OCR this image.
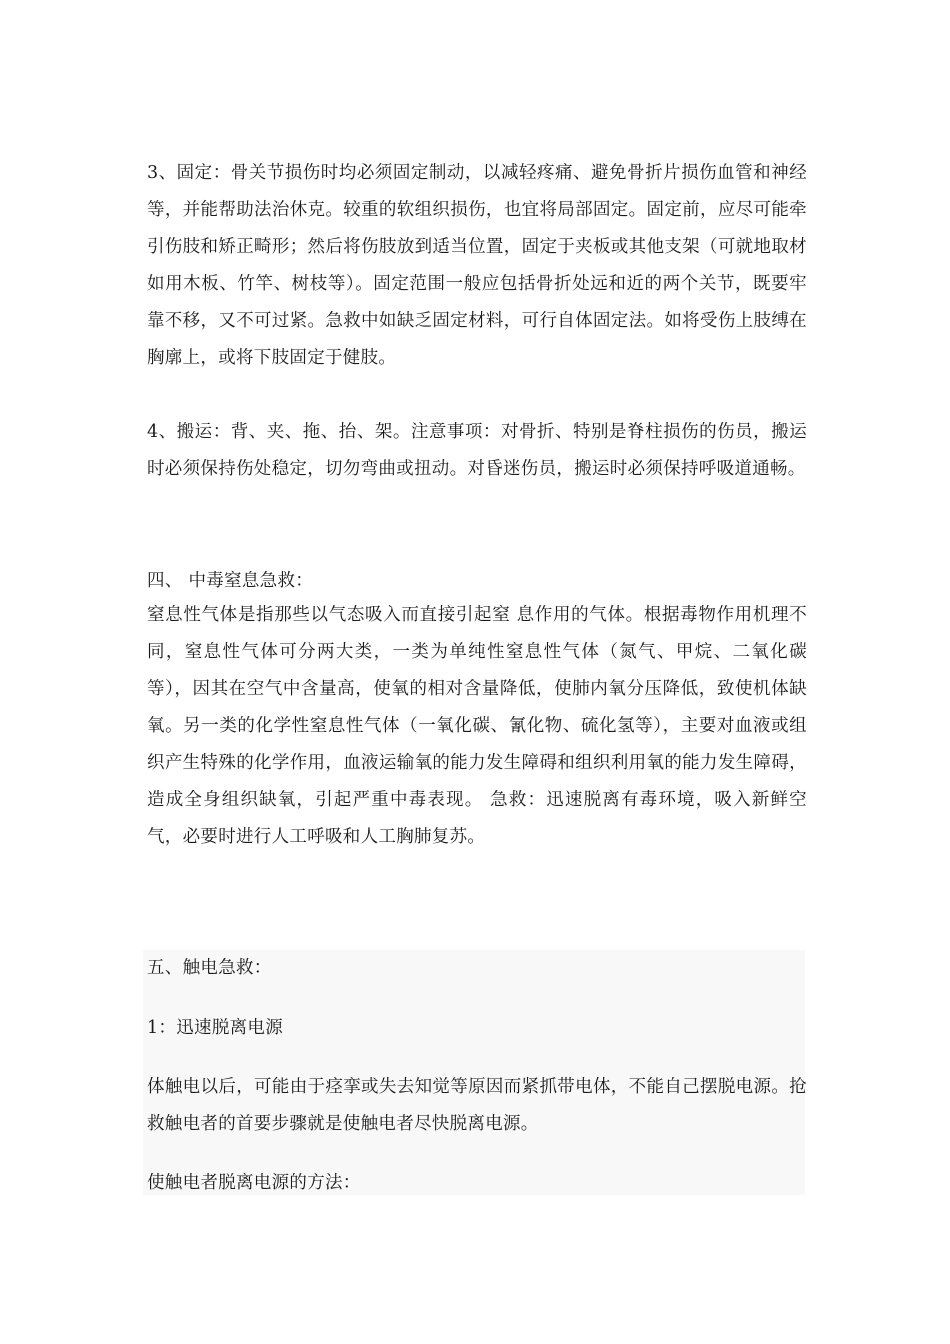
3、固定：骨关节损伤时均必须固定制动，以减轻疼痛、避免骨折片损伤血管和神经等，并能帮助法治休克。较重的软组织损伤，也宜将局部固定。固定前，应尽可能牵引伤肢和矫正畸形；然后将伤肢放到适当位置，固定于夹板或其他支架（可就地取材如用木板、竹竿、树枝等）。固定范围一般应包括骨折处远和近的两个关节，既要牢靠不移，又不可过紧。急救中如缺乏固定材料，可行自体固定法。如将受伤上肢缚在胸廓上，或将下肢固定于健肢。

4、搬运：背、夹、拖、抬、架。注意事项：对骨折、特别是脊柱损伤的伤员，搬运时必须保持伤处稳定，切勿弯曲或扭动。对昏迷伤员，搬运时必须保持呼吸道通畅。

四、 中毒窒息急救：

窒息性气体是指那些以气态吸入而直接引起窒 息作用的气体。根据毒物作用机理不同，窒息性气体可分两大类，一类为单纯性窒息性气体（氮气、甲烷、二氧化碳等），因其在空气中含量高，使氧的相对含量降低，使肺内氧分压降低，致使机体缺氧。另一类的化学性窒息性气体（一氧化碳、氰化物、硫化氢等），主要对血液或组织产生特殊的化学作用，血液运输氧的能力发生障碍和组织利用氧的能力发生障碍，造成全身组织缺氧，引起严重中毒表现。 急救：迅速脱离有毒环境，吸入新鲜空气，必要时进行人工呼吸和人工胸肺复苏。

五、触电急救：

1：迅速脱离电源

体触电以后，可能由于痉挛或失去知觉等原因而紧抓带电体，不能自己摆脱电源。抢救触电者的首要步骤就是使触电者尽快脱离电源。

使触电者脱离电源的方法：
